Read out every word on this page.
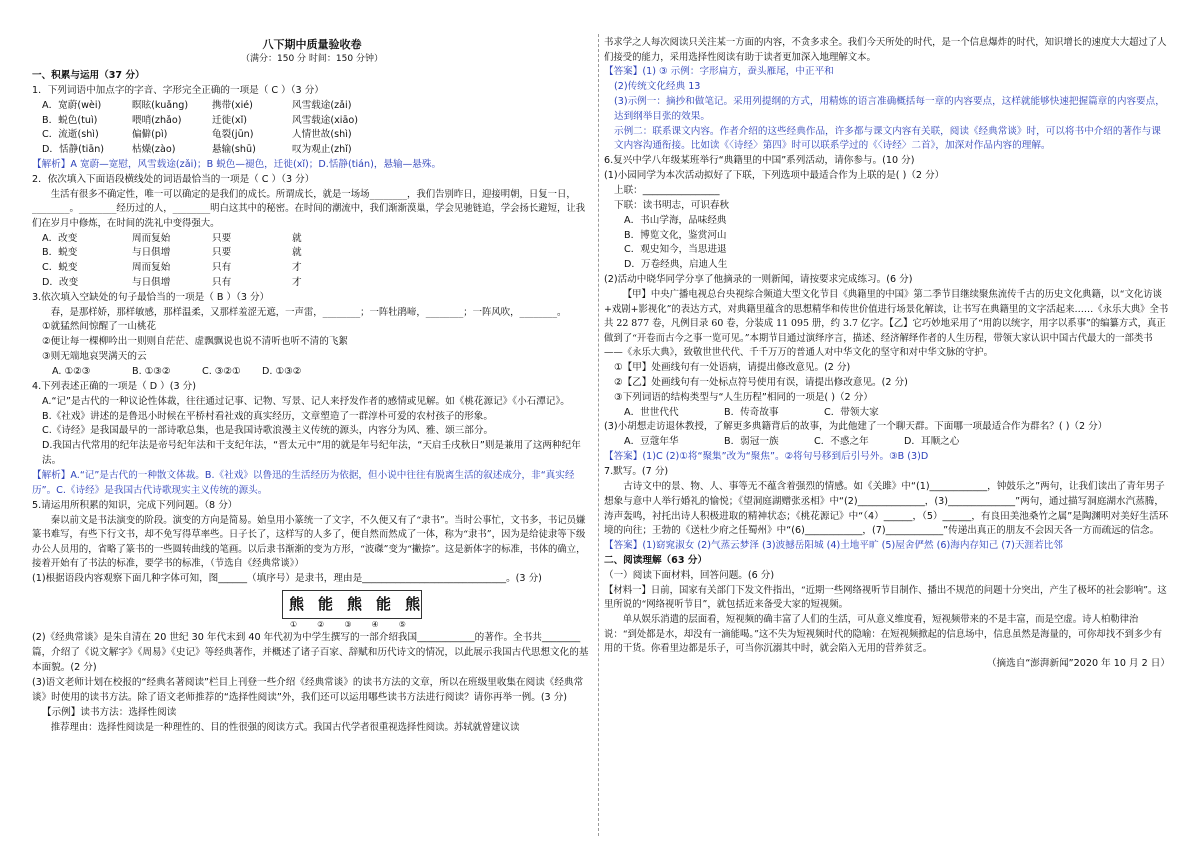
八下期中质量验收卷

（满分：150 分 时间：150 分钟）

一、积累与运用（37 分）

1．下列词语中加点字的字音、字形完全正确的一项是（ C ）（3 分）

A．宽蔚(wèi)	瞑眩(kuǎng)	携带(xié)	风雪载途(zǎi)
B．蜕色(tuì)	喂哨(zhǎo)	迁徙(xǐ)	风雪载途(xiāo)
C．流逝(shì)	偏僻(pì)	龟裂(jūn)	人情世故(shì)
D．恬静(tiān)	枯燥(zào)	悬输(shū)	叹为观止(zhǐ)

【解析】A 宽蔚—宽慰，风雪载途(zǎi)；B 蜕色—褪色，迁徙(xǐ)；D.恬静(tián)，悬输—悬殊。

2．依次填入下面语段横线处的词语最恰当的一项是（ C ）（3 分）

生活有很多不确定性，唯一可以确定的是我们的成长。所谓成长，就是一场场________，我们告别昨日，迎接明朝，日复一日，________。________经历过的人，________明白这其中的秘密。在时间的潮流中，我们渐渐漠巢，学会见驰链追，学会扬长避短，让我们在岁月中修炼，在时间的洗礼中变得强大。

A．改变	周而复始	只要	就
B．蜕变	与日俱增	只要	就
C．蜕变	周而复始	只有	才
D．改变	与日俱增	只有	才

3.依次填入空缺处的句子最恰当的一项是（ B ）（3 分）

春，是那样娇，那样敏感，那样温柔，又那样羞涩无遮，一声雷，________；一阵牡鹃啼，________；一阵风吹，________。

①就猛然间惊醒了一山桃花

②便让每一棵柳吟出一则则自茫茫、虚飘飘说也说不清听也听不清的飞絮

③则无端地哀哭满天的云

A. ①②③	B. ①③②	C. ③②①	D. ①③②

4.下列表述正确的一项是（ D ）(3 分)

A.“记”是古代的一种议论性体裁，往往通过记事、记物、写景、记人来抒发作者的感情或见解。如《桃花源记》《小石潭记》。

B.《社戏》讲述的是鲁迅小时候在平桥村看社戏的真实经历，文章塑造了一群淳朴可爱的农村孩子的形象。

C.《诗经》是我国最早的一部诗歌总集，也是我国诗歌浪漫主义传统的源头，内容分为风、雅、颂三部分。

D.我国古代常用的纪年法是帝号纪年法和干支纪年法，“晋太元中”用的就是年号纪年法，“天启壬戌秋日”则是兼用了这两种纪年法。

【解析】A.“记”是古代的一种散文体裁。B.《社戏》以鲁迅的生活经历为依据，但小说中往往有脱离生活的叙述成分，非“真实经历”。C.《诗经》是我国古代诗歌现实主义传统的源头。

5.请运用所积累的知识，完成下列问题。（8 分）

秦以前文是书法演变的阶段。演变的方向是简易。始皇用小篆统一了文字，不久便又有了“隶书”。当时公事忙，文书多，书记员嫌篆书难写，有些下行文书，却不免写得草率些。日子长了，这样写的人多了，便自然而然成了一体，称为“隶书”，因为是给徒隶等下级办公人员用的，省略了篆书的一些圆转曲线的笔画。以后隶书渐渐的变为方形，“波磔”变为“撇捺”。这是新体字的标准，书体的确立，接着开始有了书法的标准，要学书的标准，（节选自《经典常谈》）

(1)根据语段内容观察下面几种字体可知，图______（填序号）是隶书，理由是______________________________。(3 分)

熊 能 熊 能 熊
①	②	③	④	⑤

(2)《经典常谈》是朱自清在 20 世纪 30 年代末到 40 年代初为中学生撰写的一部介绍我国____________的著作。全书共________篇，介绍了《说文解字》《周易》《史记》等经典著作，并概述了诸子百家、辞赋和历代诗文的情况，以此展示我国古代思想文化的基本面貌。(2 分)

(3)语文老师计划在校报的“经典名著阅读”栏目上刊登一些介绍《经典常谈》的读书方法的文章，所以在班级里收集在阅读《经典常谈》时使用的读书方法。除了语文老师推荐的“选择性阅读”外，我们还可以运用哪些读书方法进行阅读？请你再举一例。(3 分)

【示例】读书方法：选择性阅读

推荐理由：选择性阅读是一种理性的、目的性很强的阅读方式。我国古代学者很重视选择性阅读。苏轼就曾建议读

书求学之人每次阅读只关注某一方面的内容，不贪多求全。我们今天所处的时代，是一个信息爆炸的时代，知识增长的速度大大超过了人们接受的能力，采用选择性阅读有助于读者更加深入地理解文本。

【答案】(1) ③ 示例：字形扁方，蚕头雁尾，中正平和

(2)传统文化经典 13

(3)示例一：摘抄和做笔记。采用列提纲的方式，用精炼的语言准确概括每一章的内容要点，这样就能够快速把握篇章的内容要点，达到纲举目张的效果。

示例二：联系课文内容。作者介绍的这些经典作品，许多都与课文内容有关联，阅读《经典常谈》时，可以将书中介绍的著作与课文内容沟通衔接。比如读《〈诗经〉第四》时可以联系学过的《〈诗经〉二首》，加深对作品内容的理解。

6.复兴中学八年级某班举行“典籍里的中国”系列活动，请你参与。(10 分)

(1)小园同学为本次活动拟好了下联，下列选项中最适合作为上联的是( )（2 分）

上联：________________

下联：读书明志，可识春秋

A．书山学海，品味经典

B．博览文化，鉴赏河山

C．观史知今，当思进退

D．万卷经典，启迪人生

(2)活动中晓华同学分享了他摘录的一则新闻，请按要求完成练习。(6 分)

【甲】中央广播电视总台央视综合频道大型文化节目《典籍里的中国》第二季节目继续聚焦流传千古的历史文化典籍，以“文化访谈+戏剧+影视化”的表达方式，对典籍里蕴含的思想精华和传世价值进行场景化解读，让书写在典籍里的文字活起来……《永乐大典》全书共 22 877 卷，凡例目录 60 卷，分装成 11 095 册，约 3.7 亿字。【乙】它巧妙地采用了“用韵以统字，用字以系事”的编纂方式，真正做到了“开卷而古今之事一览可见。”本期节目通过演绎序言，描述、经济解绎作者的人生历程，带领大家认识中国古代最大的一部类书——《永乐大典》，致敬世世代代、千千万万的普通人对中华文化的坚守和对中华文脉的守护。

①【甲】处画线句有一处语病，请提出修改意见。(2 分)

②【乙】处画线句有一处标点符号使用有误，请提出修改意见。(2 分)

③下列词语的结构类型与“人生历程”相同的一项是( )（2 分）

A．世世代代	B．传奇故事	C．带领大家

(3)小胡想走访退休教授，了解更多典籍背后的故事，为此他建了一个聊天群。下面哪一项最适合作为群名？( )（2 分）

A．豆蔻年华	B．弱冠一族	C．不惑之年	D．耳顺之心

【答案】(1)C (2)①将“聚集”改为“聚焦”。②将句号移到后引号外。③B (3)D

7.默写。(7 分)

古诗文中的景、物、人、事等无不蕴含着强烈的情感。如《关雎》中“(1)____________，钟鼓乐之”两句，让我们读出了青年男子想象与意中人举行婚礼的愉悦；《望洞庭湖赠张丞相》中“(2)______________，(3)______________”两句，通过描写洞庭湖水汽蒸腾，涛声轰鸣，衬托出诗人积极进取的精神状态；《桃花源记》中“（4）______，（5）______，有良田美池桑竹之属”是陶渊明对美好生活环境的向往；王勃的《送杜少府之任蜀州》中“(6)____________，(7)____________”传递出真正的朋友不会因天各一方而疏远的信念。

【答案】(1)窈窕淑女 (2)气蒸云梦泽 (3)波撼岳阳城 (4)土地平旷 (5)屋舍俨然 (6)海内存知己 (7)天涯若比邻

二、阅读理解（63 分）

（一）阅读下面材料，回答问题。(6 分)

【材料一】日前，国家有关部门下发文件指出，“近期一些网络视听节目制作、播出不规范的问题十分突出，产生了极坏的社会影响”。这里所说的“网络视听节目”，就包括近来备受大家的短视频。

单从娱乐消遣的层面看，短视频的确丰富了人们的生活，可从意义维度看，短视频带来的不是丰富，而是空虚。诗人柏勒律治说：“到处都是水，却没有一滴能喝。”这不失为短视频时代的隐喻：在短视频掀起的信息场中，信息虽然是海量的，可你却找不到多少有用的干货。你看里边都是乐子，可当你沉溺其中时，就会陷入无用的营养贫乏。

（摘选自“澎湃新闻”2020 年 10 月 2 日）
